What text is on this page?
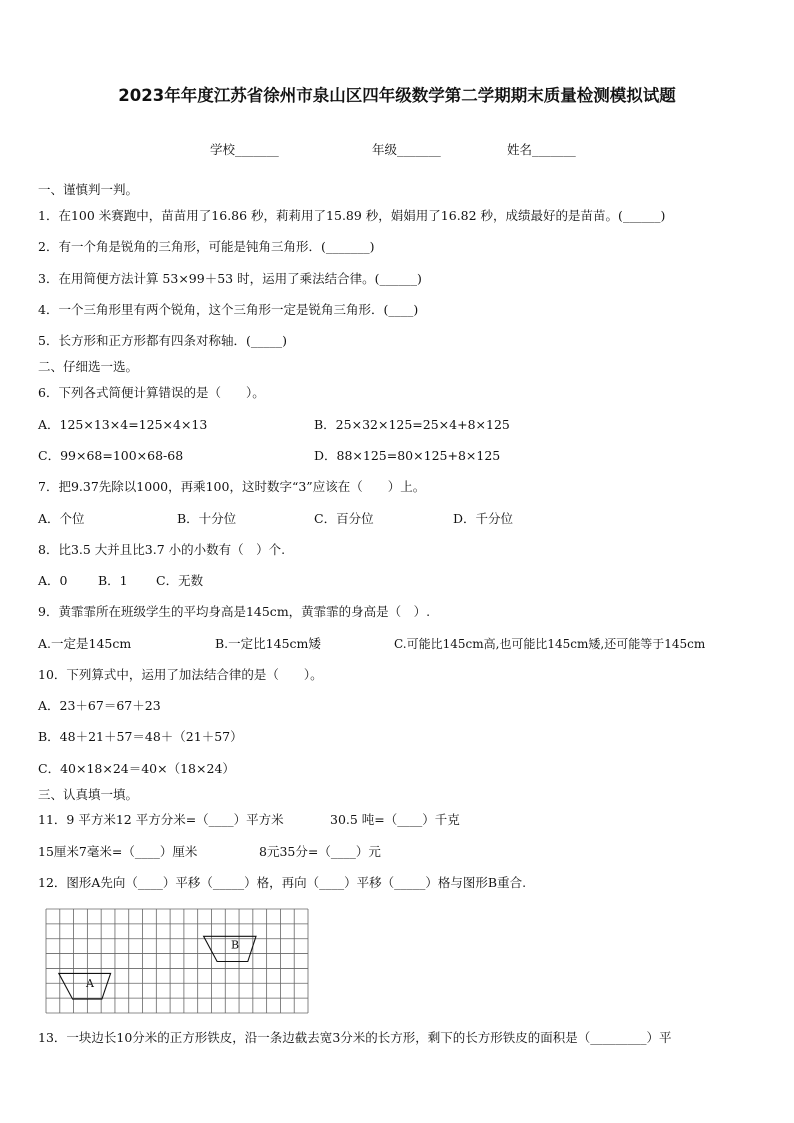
2023年年度江苏省徐州市泉山区四年级数学第二学期期末质量检测模拟试题
学校_______	年级_______	姓名_______
一、谨慎判一判。
1．在100 米赛跑中，苗苗用了16.86 秒，莉莉用了15.89 秒，娟娟用了16.82 秒，成绩最好的是苗苗。(______)
2．有一个角是锐角的三角形，可能是钝角三角形．(_______)
3．在用简便方法计算 53×99＋53 时，运用了乘法结合律。(______)
4．一个三角形里有两个锐角，这个三角形一定是锐角三角形．(____)
5．长方形和正方形都有四条对称轴．(_____)
二、仔细选一选。
6．下列各式简便计算错误的是（　　）。
A．125×13×4=125×4×13	B．25×32×125=25×4+8×125
C．99×68=100×68-68	D．88×125=80×125+8×125
7．把9.37先除以1000，再乘100，这时数字“3”应该在（　　）上。
A．个位	B．十分位	C．百分位	D．千分位
8．比3.5 大并且比3.7 小的小数有（　）个.
A．0 B．1 C．无数
9．黄霏霏所在班级学生的平均身高是145cm，黄霏霏的身高是（　）.
A.一定是145cm	B.一定比145cm矮	C.可能比145cm高,也可能比145cm矮,还可能等于145cm
10．下列算式中，运用了加法结合律的是（　　）。
A．23＋67＝67＋23
B．48＋21＋57＝48＋（21＋57）
C．40×18×24＝40×（18×24）
三、认真填一填。
11．9 平方米12 平方分米=（____）平方米	30.5 吨=（____）千克
15厘米7毫米=（____）厘米	8元35分=（____）元
12．图形A先向（____）平移（_____）格，再向（____）平移（_____）格与图形B重合.
B
A
13．一块边长10分米的正方形铁皮，沿一条边截去宽3分米的长方形，剩下的长方形铁皮的面积是（_________）平
